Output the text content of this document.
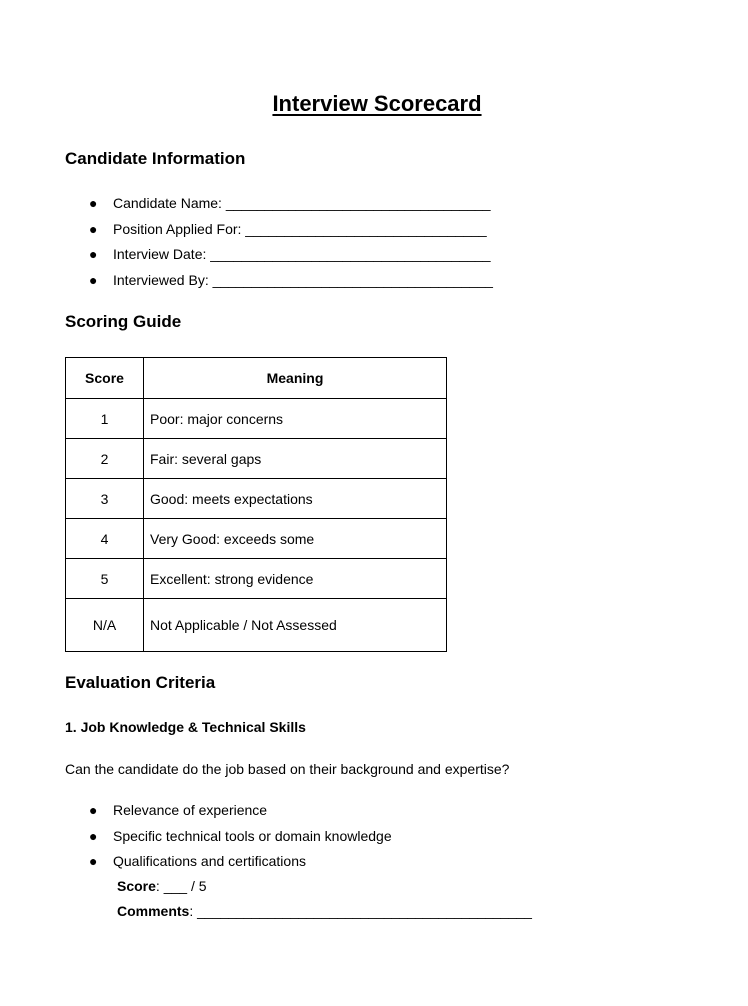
Interview Scorecard
Candidate Information
● Candidate Name: __________________________________
● Position Applied For: _______________________________
● Interview Date: ____________________________________
● Interviewed By: ____________________________________
Scoring Guide
Score	Meaning
1	Poor: major concerns
2	Fair: several gaps
3	Good: meets expectations
4	Very Good: exceeds some
5	Excellent: strong evidence
N/A	Not Applicable / Not Assessed
Evaluation Criteria
1. Job Knowledge & Technical Skills
Can the candidate do the job based on their background and expertise?
● Relevance of experience
● Specific technical tools or domain knowledge
● Qualifications and certifications
Score: ___ / 5
Comments: ___________________________________________
